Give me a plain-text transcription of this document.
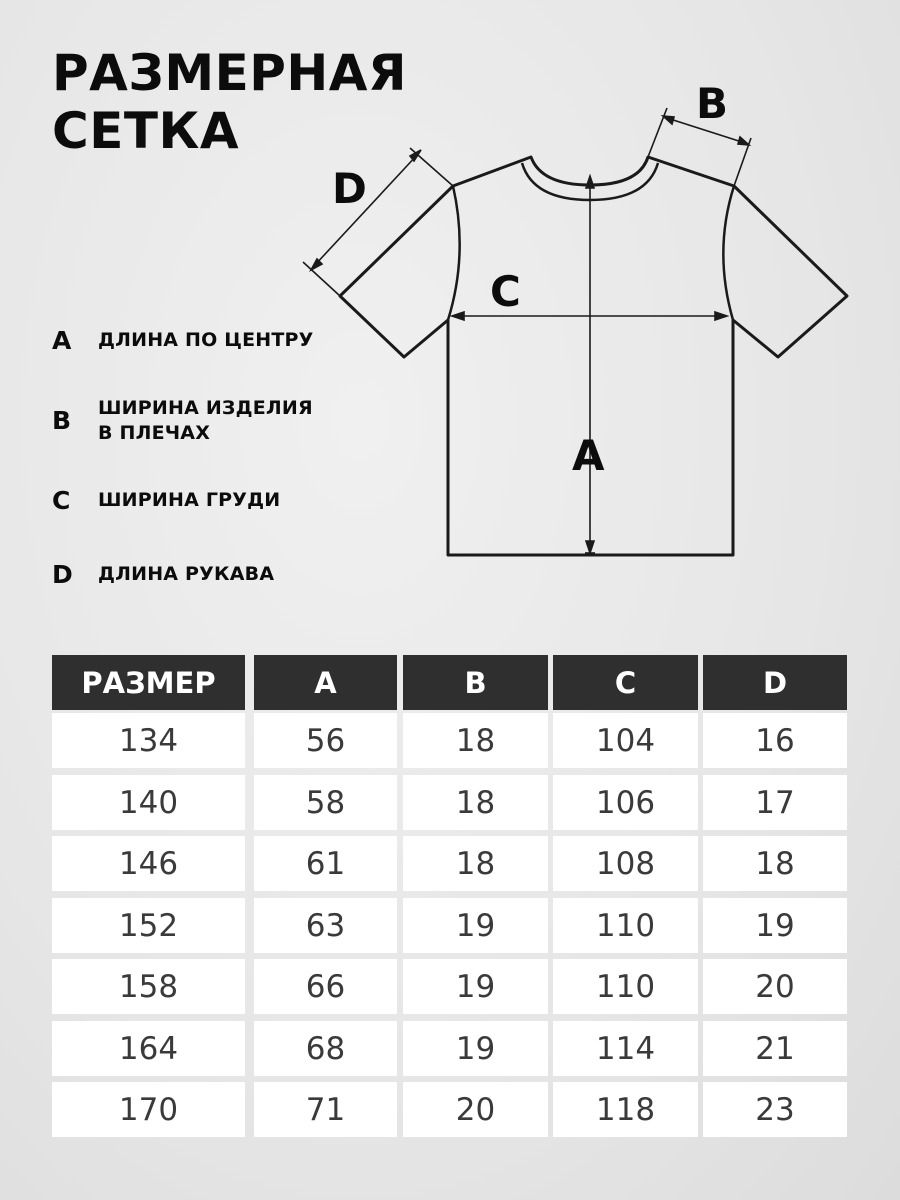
РАЗМЕРНАЯ
СЕТКА
A
B
C
D
A	ДЛИНА ПО ЦЕНТРУ
B	ШИРИНА ИЗДЕЛИЯ
В ПЛЕЧАХ
C	ШИРИНА ГРУДИ
D	ДЛИНА РУКАВА
РАЗМЕР	A	B	C	D
134	56	18	104	16
140	58	18	106	17
146	61	18	108	18
152	63	19	110	19
158	66	19	110	20
164	68	19	114	21
170	71	20	118	23
